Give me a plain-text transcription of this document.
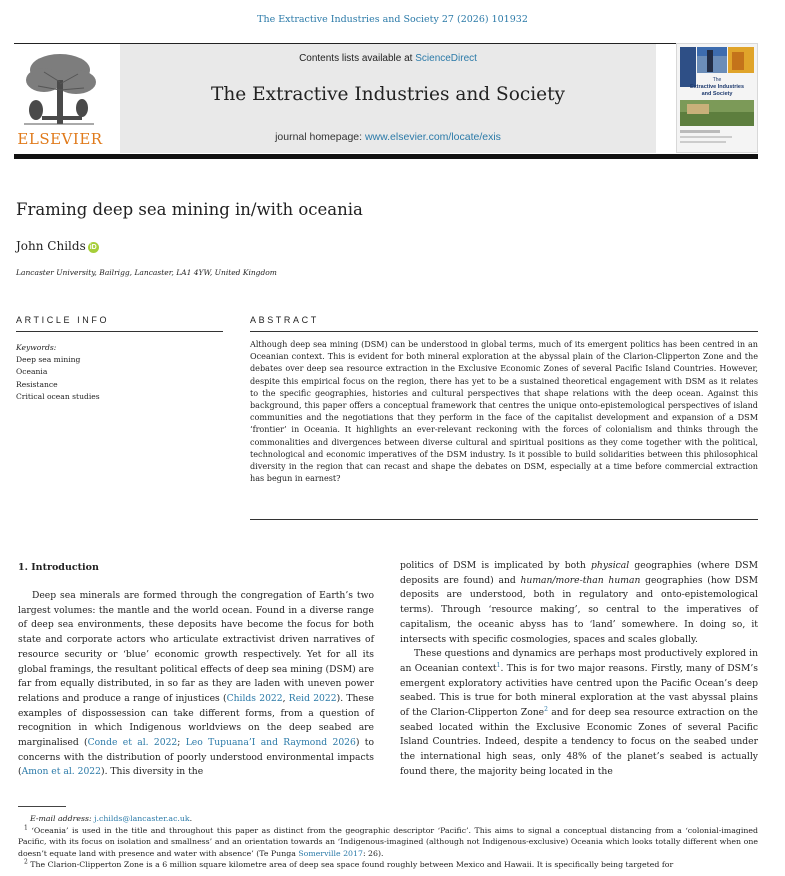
The Extractive Industries and Society 27 (2026) 101932
ELSEVIER
Contents lists available at ScienceDirect
The Extractive Industries and Society
journal homepage: www.elsevier.com/locate/exis
The
Extractive Industries
and Society
Framing deep sea mining in/with oceania
John Childs iD
Lancaster University, Bailrigg, Lancaster, LA1 4YW, United Kingdom
ARTICLE INFO
Keywords:
Deep sea mining
Oceania
Resistance
Critical ocean studies
ABSTRACT
Although deep sea mining (DSM) can be understood in global terms, much of its emergent politics has been centred in an Oceanian context. This is evident for both mineral exploration at the abyssal plain of the Clarion-Clipperton Zone and the debates over deep sea resource extraction in the Exclusive Economic Zones of several Pacific Island Countries. However, despite this empirical focus on the region, there has yet to be a sustained theoretical engagement with DSM as it relates to the specific geographies, histories and cultural perspectives that shape relations with the deep ocean. Against this background, this paper offers a conceptual framework that centres the unique onto-epistemological perspectives of island communities and the negotiations that they perform in the face of the capitalist development and expansion of a DSM ‘frontier’ in Oceania. It highlights an ever-relevant reckoning with the forces of colonialism and thinks through the commonalities and divergences between diverse cultural and spiritual positions as they come together with the political, technological and economic imperatives of the DSM industry. Is it possible to build solidarities between this philosophical diversity in the region that can recast and shape the debates on DSM, especially at a time before commercial extraction has begun in earnest?
1. Introduction
Deep sea minerals are formed through the congregation of Earth’s two largest volumes: the mantle and the world ocean. Found in a diverse range of deep sea environments, these deposits have become the focus for both state and corporate actors who articulate extractivist driven narratives of resource security or ‘blue’ economic growth respectively. Yet for all its global framings, the resultant political effects of deep sea mining (DSM) are far from equally distributed, in so far as they are laden with uneven power relations and produce a range of injustices (Childs 2022, Reid 2022). These examples of dispossession can take different forms, from a question of recognition in which Indigenous worldviews on the deep seabed are marginalised (Conde et al. 2022; Leo Tupuana’I and Raymond 2026) to concerns with the distribution of poorly understood environmental impacts (Amon et al. 2022). This diversity in the

politics of DSM is implicated by both physical geographies (where DSM deposits are found) and human/more-than human geographies (how DSM deposits are understood, both in regulatory and onto-epistemological terms). Through ‘resource making’, so central to the imperatives of capitalism, the oceanic abyss has to ‘land’ somewhere. In doing so, it intersects with specific cosmologies, spaces and scales globally.

These questions and dynamics are perhaps most productively explored in an Oceanian context$^1$. This is for two major reasons. Firstly, many of DSM’s emergent exploratory activities have centred upon the Pacific Ocean’s deep seabed. This is true for both mineral exploration at the vast abyssal plains of the Clarion-Clipperton Zone$^2$ and for deep sea resource extraction on the seabed located within the Exclusive Economic Zones of several Pacific Island Countries. Indeed, despite a tendency to focus on the seabed under the international high seas, only 48% of the planet’s seabed is actually found there, the majority being located in the

E-mail address: j.childs@lancaster.ac.uk.
$^1$ ‘Oceania’ is used in the title and throughout this paper as distinct from the geographic descriptor ‘Pacific’. This aims to signal a conceptual distancing from a ‘colonial-imagined Pacific, with its focus on isolation and smallness’ and an orientation towards an ‘Indigenous-imagined (although not Indigenous-exclusive) Oceania which looks totally different when one doesn’t equate land with presence and water with absence’ (Te Punga Somerville 2017: 26).
$^2$ The Clarion-Clipperton Zone is a 6 million square kilometre area of deep sea space found roughly between Mexico and Hawaii. It is specifically being targeted for
